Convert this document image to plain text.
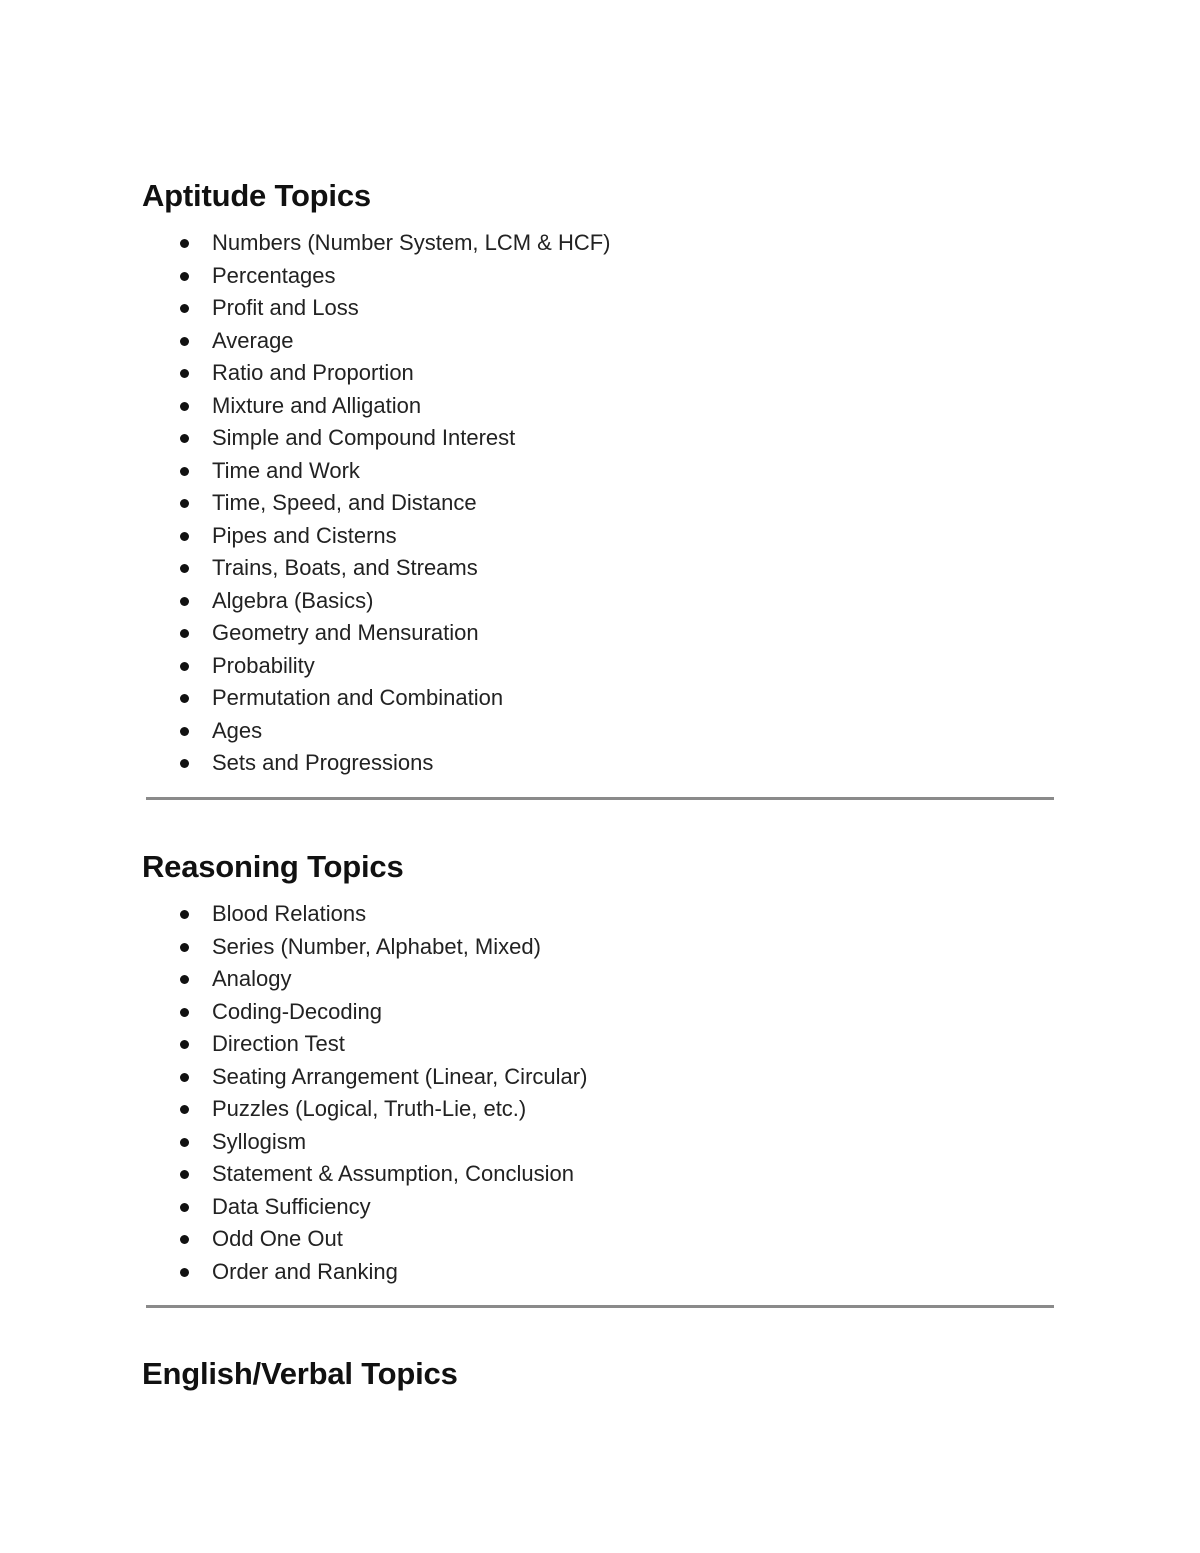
Aptitude Topics
Numbers (Number System, LCM & HCF)
Percentages
Profit and Loss
Average
Ratio and Proportion
Mixture and Alligation
Simple and Compound Interest
Time and Work
Time, Speed, and Distance
Pipes and Cisterns
Trains, Boats, and Streams
Algebra (Basics)
Geometry and Mensuration
Probability
Permutation and Combination
Ages
Sets and Progressions
Reasoning Topics
Blood Relations
Series (Number, Alphabet, Mixed)
Analogy
Coding-Decoding
Direction Test
Seating Arrangement (Linear, Circular)
Puzzles (Logical, Truth-Lie, etc.)
Syllogism
Statement & Assumption, Conclusion
Data Sufficiency
Odd One Out
Order and Ranking
English/Verbal Topics
